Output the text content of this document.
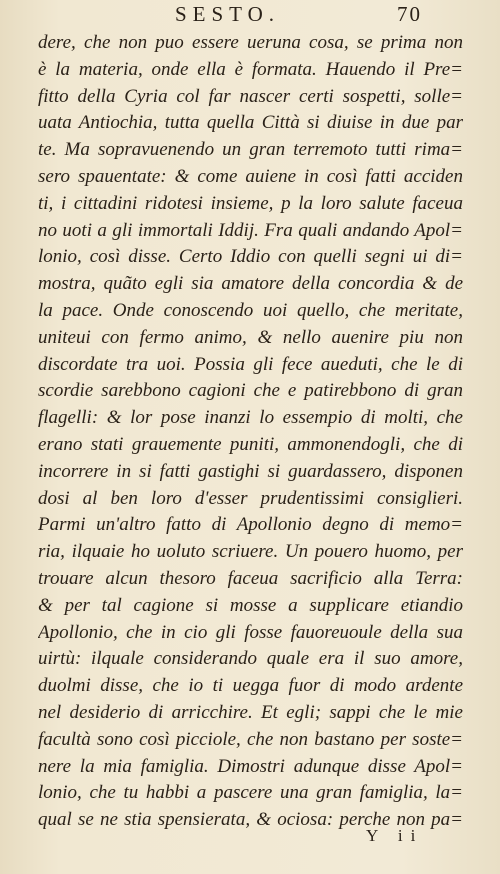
SESTO.	70
dere, che non puo essere ueruna cosa, se prima non
è la materia, onde ella è formata. Hauendo il Pre=
fitto della Cyria col far nascer certi sospetti, solle=
uata Antiochia, tutta quella Città si diuise in due par
te. Ma sopravuenendo un gran terremoto tutti rima=
sero spauentate: & come auiene in così fatti acciden
ti, i cittadini ridotesi insieme, p la loro salute faceua
no uoti a gli immortali Iddij. Fra quali andando Apol=
lonio, così disse. Certo Iddio con quelli segni ui di=
mostra, quãto egli sia amatore della concordia & de
la pace. Onde conoscendo uoi quello, che meritate,
uniteui con fermo animo, & nello auenire piu non
discordate tra uoi. Possia gli fece aueduti, che le di
scordie sarebbono cagioni che e patirebbono di gran
flagelli: & lor pose inanzi lo essempio di molti, che
erano stati grauemente puniti, ammonendogli, che di
incorrere in si fatti gastighi si guardassero, disponen
dosi al ben loro d'esser prudentissimi consiglieri.
Parmi un'altro fatto di Apollonio degno di memo=
ria, ilquaie ho uoluto scriuere. Un pouero huomo, per
trouare alcun thesoro faceua sacrificio alla Terra:
& per tal cagione si mosse a supplicare etiandio
Apollonio, che in cio gli fosse fauoreuoule della sua
uirtù: ilquale considerando quale era il suo amore,
duolmi disse, che io ti uegga fuor di modo ardente
nel desiderio di arricchire. Et egli; sappi che le mie
facultà sono così picciole, che non bastano per soste=
nere la mia famiglia. Dimostri adunque disse Apol=
lonio, che tu habbi a pascere una gran famiglia, la=
qual se ne stia spensierata, & ociosa: perche non pa=
Y ii
